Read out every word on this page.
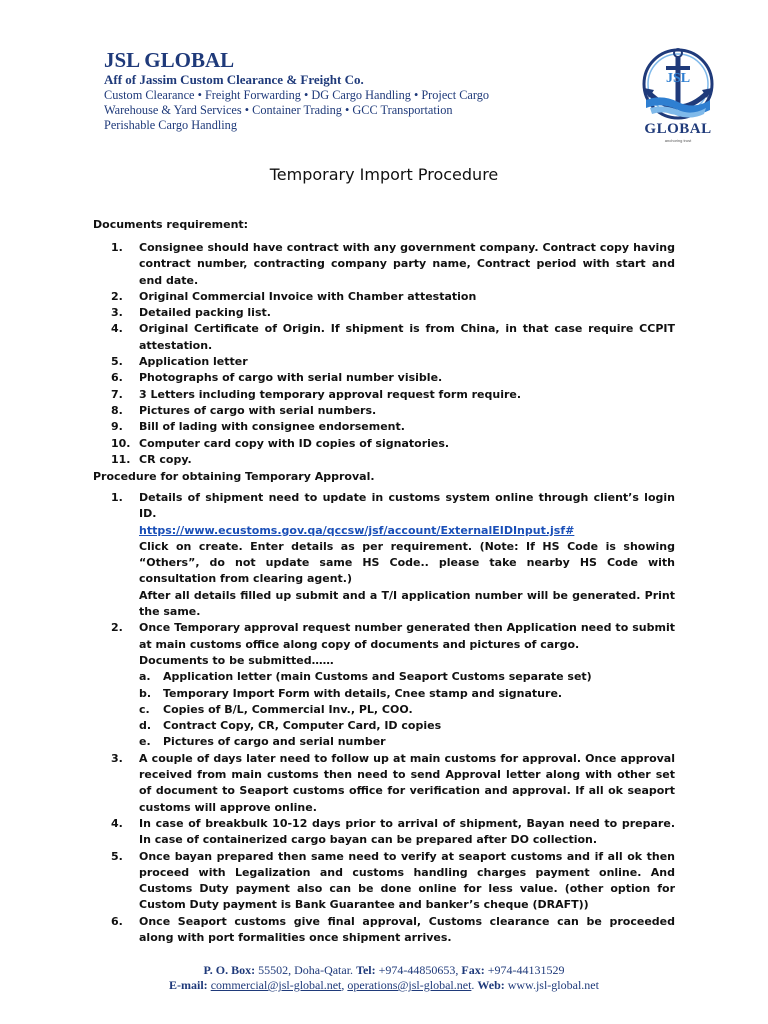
JSL GLOBAL

Aff of Jassim Custom Clearance & Freight Co.

Custom Clearance • Freight Forwarding • DG Cargo Handling • Project Cargo

Warehouse & Yard Services • Container Trading • GCC Transportation

Perishable Cargo Handling

JSL
GLOBAL
anchoring trust
Temporary Import Procedure
Documents requirement:
1. Consignee should have contract with any government company. Contract copy having contract number, contracting company party name, Contract period with start and end date.
2. Original Commercial Invoice with Chamber attestation
3. Detailed packing list.
4. Original Certificate of Origin. If shipment is from China, in that case require CCPIT attestation.
5. Application letter
6. Photographs of cargo with serial number visible.
7. 3 Letters including temporary approval request form require.
8. Pictures of cargo with serial numbers.
9. Bill of lading with consignee endorsement.
10. Computer card copy with ID copies of signatories.
11. CR copy.
Procedure for obtaining Temporary Approval.
1. Details of shipment need to update in customs system online through client’s login ID.
https://www.ecustoms.gov.qa/qccsw/jsf/account/ExternalEIDInput.jsf#
Click on create. Enter details as per requirement. (Note: If HS Code is showing “Others”, do not update same HS Code.. please take nearby HS Code with consultation from clearing agent.)
After all details filled up submit and a T/I application number will be generated. Print the same.
2. Once Temporary approval request number generated then Application need to submit at main customs office along copy of documents and pictures of cargo.
Documents to be submitted……
a. Application letter (main Customs and Seaport Customs separate set)
b. Temporary Import Form with details, Cnee stamp and signature.
c. Copies of B/L, Commercial Inv., PL, COO.
d. Contract Copy, CR, Computer Card, ID copies
e. Pictures of cargo and serial number
3. A couple of days later need to follow up at main customs for approval. Once approval received from main customs then need to send Approval letter along with other set of document to Seaport customs office for verification and approval. If all ok seaport customs will approve online.
4. In case of breakbulk 10-12 days prior to arrival of shipment, Bayan need to prepare. In case of containerized cargo bayan can be prepared after DO collection.
5. Once bayan prepared then same need to verify at seaport customs and if all ok then proceed with Legalization and customs handling charges payment online. And Customs Duty payment also can be done online for less value. (other option for Custom Duty payment is Bank Guarantee and banker’s cheque (DRAFT))
6. Once Seaport customs give final approval, Customs clearance can be proceeded along with port formalities once shipment arrives.
P. O. Box: 55502, Doha-Qatar. Tel: +974-44850653, Fax: +974-44131529
E-mail: commercial@jsl-global.net, operations@jsl-global.net. Web: www.jsl-global.net
